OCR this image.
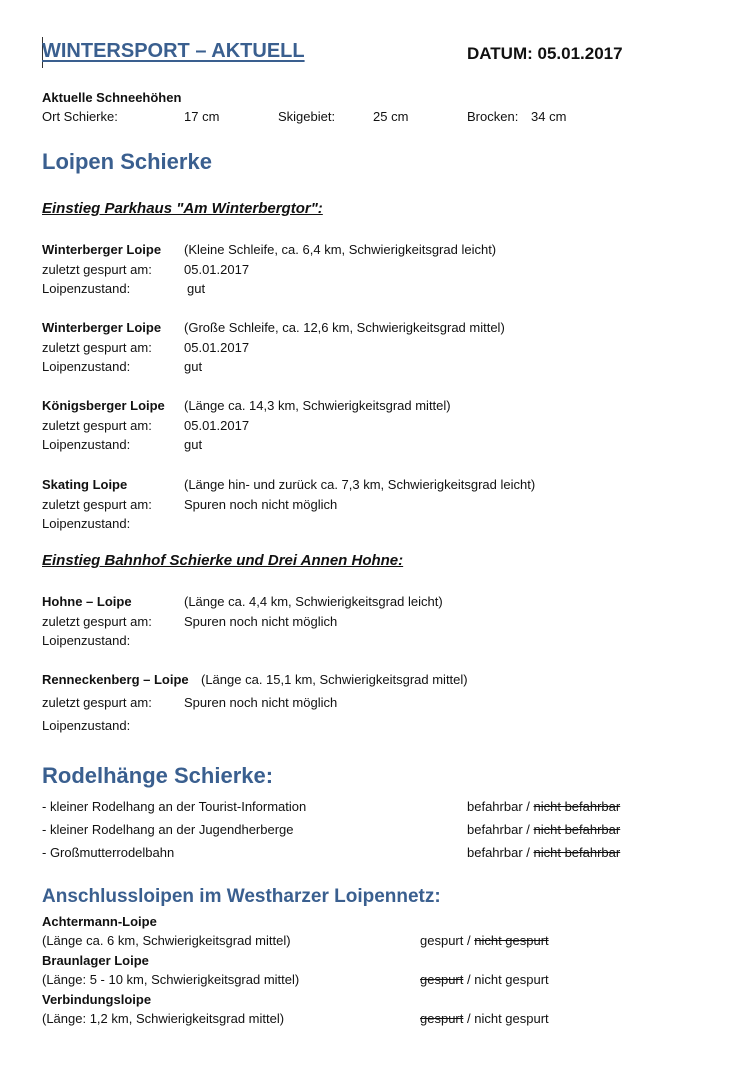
WINTERSPORT – AKTUELL	DATUM: 05.01.2017
Aktuelle Schneehöhen
Ort Schierke:	17 cm	Skigebiet:	25 cm	Brocken: 34 cm
Loipen Schierke
Einstieg Parkhaus "Am Winterbergtor":
Winterberger Loipe (Kleine Schleife, ca. 6,4 km, Schwierigkeitsgrad leicht)
zuletzt gespurt am: 05.01.2017
Loipenzustand:	gut
Winterberger Loipe (Große Schleife, ca. 12,6 km, Schwierigkeitsgrad mittel)
zuletzt gespurt am: 05.01.2017
Loipenzustand:	gut
Königsberger Loipe (Länge ca. 14,3 km, Schwierigkeitsgrad mittel)
zuletzt gespurt am: 05.01.2017
Loipenzustand:	gut
Skating Loipe	(Länge hin- und zurück ca. 7,3 km, Schwierigkeitsgrad leicht)
zuletzt gespurt am: Spuren noch nicht möglich
Loipenzustand:
Hohne – Loipe	(Länge ca. 4,4 km, Schwierigkeitsgrad leicht)
zuletzt gespurt am: Spuren noch nicht möglich
Loipenzustand:
Renneckenberg – Loipe (Länge ca. 15,1 km, Schwierigkeitsgrad mittel)
zuletzt gespurt am: Spuren noch nicht möglich
Loipenzustand:
Einstieg Bahnhof Schierke und Drei Annen Hohne:
Rodelhänge Schierke:
- kleiner Rodelhang an der Tourist-Information	befahrbar / nicht befahrbar
- kleiner Rodelhang an der Jugendherberge	befahrbar / nicht befahrbar
- Großmutterrodelbahn	befahrbar / nicht befahrbar
Anschlussloipen im Westharzer Loipennetz:
Achtermann-Loipe
(Länge ca. 6 km, Schwierigkeitsgrad mittel)	gespurt / nicht gespurt
Braunlager Loipe
(Länge: 5 - 10 km, Schwierigkeitsgrad mittel)	gespurt / nicht gespurt
Verbindungsloipe
(Länge: 1,2 km, Schwierigkeitsgrad mittel)	gespurt / nicht gespurt
